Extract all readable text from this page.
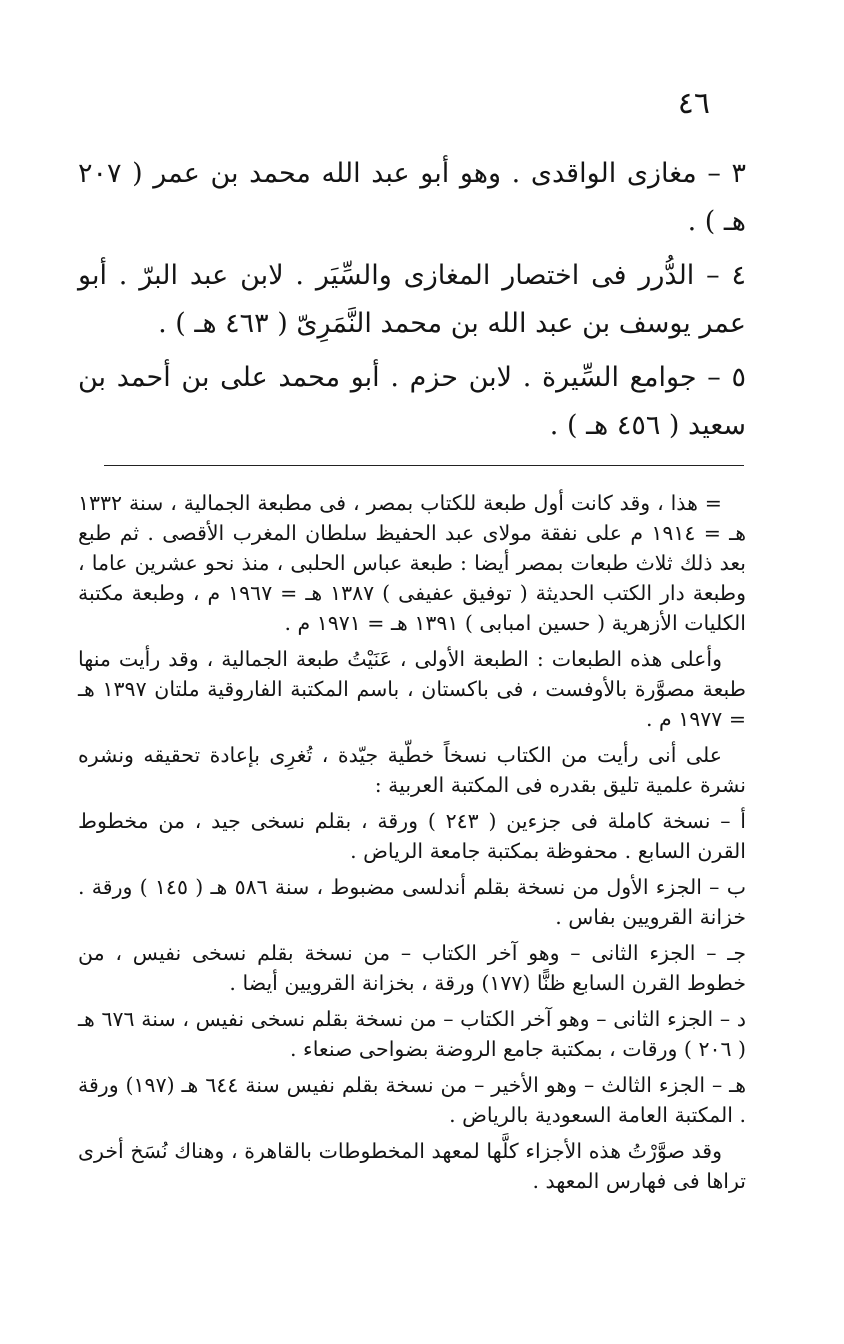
٤٦

٣ – مغازى الواقدى . وهو أبو عبد الله محمد بن عمر ( ٢٠٧ هـ ) .

٤ – الدُّرر فى اختصار المغازى والسِّيَر . لابن عبد البرّ . أبو عمر يوسف بن عبد الله بن محمد النَّمَرِىّ ( ٤٦٣ هـ ) .

٥ – جوامع السِّيرة . لابن حزم . أبو محمد على بن أحمد بن سعيد ( ٤٥٦ هـ ) .

= هذا ، وقد كانت أول طبعة للكتاب بمصر ، فى مطبعة الجمالية ، سنة ١٣٣٢ هـ = ١٩١٤ م على نفقة مولاى عبد الحفيظ سلطان المغرب الأقصى . ثم طبع بعد ذلك ثلاث طبعات بمصر أيضا : طبعة عباس الحلبى ، منذ نحو عشرين عاما ، وطبعة دار الكتب الحديثة ( توفيق عفيفى ) ١٣٨٧ هـ = ١٩٦٧ م ، وطبعة مكتبة الكليات الأزهرية ( حسين امبابى ) ١٣٩١ هـ = ١٩٧١ م .

وأعلى هذه الطبعات : الطبعة الأولى ، عَنَيْتُ طبعة الجمالية ، وقد رأيت منها طبعة مصوَّرة بالأوفست ، فى باكستان ، باسم المكتبة الفاروقية ملتان ١٣٩٧ هـ = ١٩٧٧ م .

على أنى رأيت من الكتاب نسخاً خطّية جيّدة ، تُغرِى بإعادة تحقيقه ونشره نشرة علمية تليق بقدره فى المكتبة العربية :

أ – نسخة كاملة فى جزءين ( ٢٤٣ ) ورقة ، بقلم نسخى جيد ، من مخطوط القرن السابع . محفوظة بمكتبة جامعة الرياض .

ب – الجزء الأول من نسخة بقلم أندلسى مضبوط ، سنة ٥٨٦ هـ ( ١٤٥ ) ورقة . خزانة القرويين بفاس .

جـ – الجزء الثانى – وهو آخر الكتاب – من نسخة بقلم نسخى نفيس ، من خطوط القرن السابع ظنًّا (١٧٧) ورقة ، بخزانة القرويين أيضا .

د – الجزء الثانى – وهو آخر الكتاب – من نسخة بقلم نسخى نفيس ، سنة ٦٧٦ هـ ( ٢٠٦ ) ورقات ، بمكتبة جامع الروضة بضواحى صنعاء .

هـ – الجزء الثالث – وهو الأخير – من نسخة بقلم نفيس سنة ٦٤٤ هـ (١٩٧) ورقة . المكتبة العامة السعودية بالرياض .

وقد صوَّرْتُ هذه الأجزاء كلَّها لمعهد المخطوطات بالقاهرة ، وهناك نُسَخ أخرى تراها فى فهارس المعهد .
